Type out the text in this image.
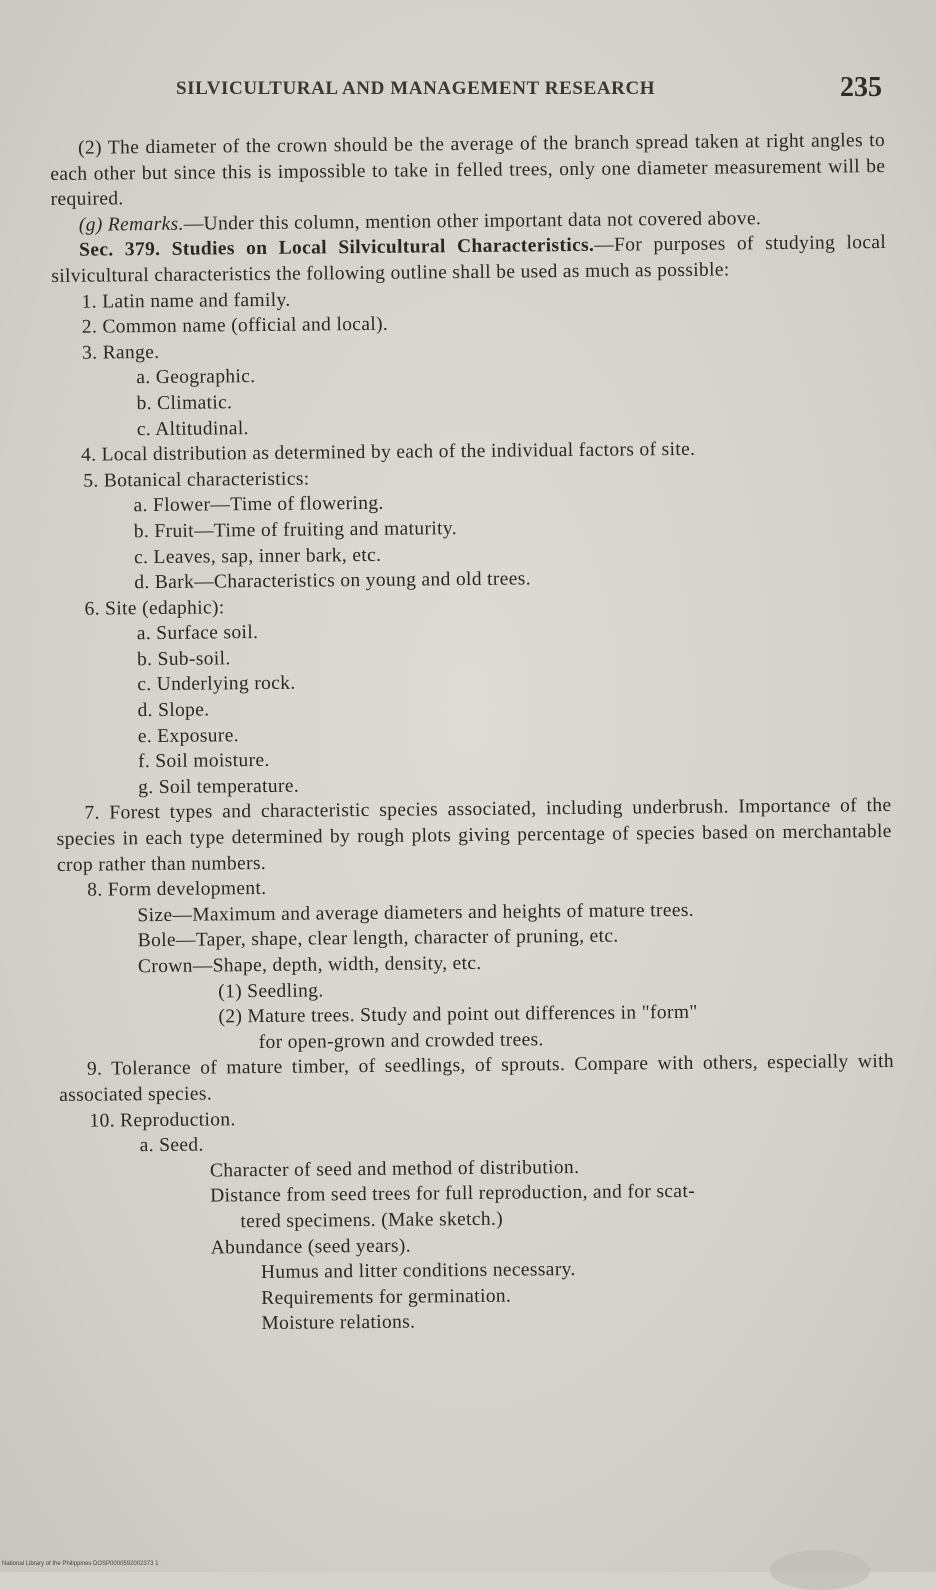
SILVICULTURAL AND MANAGEMENT RESEARCH	235

(2) The diameter of the crown should be the average of the branch spread taken at right angles to each other but since this is impossible to take in felled trees, only one diameter measurement will be required.

(g) Remarks.—Under this column, mention other important data not covered above.

Sec. 379. Studies on Local Silvicultural Characteristics.—For purposes of studying local silvicultural characteristics the following outline shall be used as much as possible:

1. Latin name and family.

2. Common name (official and local).

3. Range.

a. Geographic.

b. Climatic.

c. Altitudinal.

4. Local distribution as determined by each of the individual factors of site.

5. Botanical characteristics:

a. Flower—Time of flowering.

b. Fruit—Time of fruiting and maturity.

c. Leaves, sap, inner bark, etc.

d. Bark—Characteristics on young and old trees.

6. Site (edaphic):

a. Surface soil.

b. Sub-soil.

c. Underlying rock.

d. Slope.

e. Exposure.

f. Soil moisture.

g. Soil temperature.

7. Forest types and characteristic species associated, including underbrush. Importance of the species in each type determined by rough plots giving percentage of species based on merchantable crop rather than numbers.

8. Form development.

Size—Maximum and average diameters and heights of mature trees.

Bole—Taper, shape, clear length, character of pruning, etc.

Crown—Shape, depth, width, density, etc.

(1) Seedling.

(2) Mature trees. Study and point out differences in "form"

for open-grown and crowded trees.

9. Tolerance of mature timber, of seedlings, of sprouts. Compare with others, especially with associated species.

10. Reproduction.

a. Seed.

Character of seed and method of distribution.

Distance from seed trees for full reproduction, and for scat-

tered specimens. (Make sketch.)

Abundance (seed years).

Humus and litter conditions necessary.

Requirements for germination.

Moisture relations.

National Library of the Philippines DOSP0000592002373 1
